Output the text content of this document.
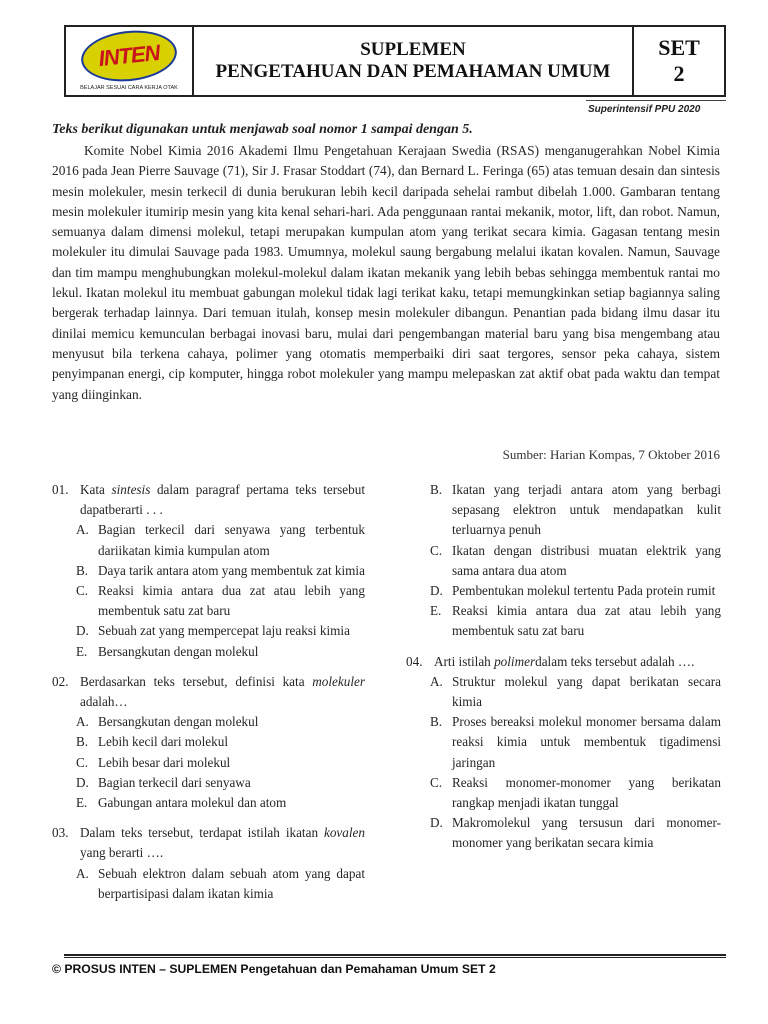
INTEN
BELAJAR SESUAI CARA KERJA OTAK
SUPLEMEN
PENGETAHUAN DAN PEMAHAMAN UMUM
SET
2
Superintensif PPU 2020
Teks berikut digunakan untuk menjawab soal nomor 1 sampai dengan 5.

Komite Nobel Kimia 2016 Akademi Ilmu Pengetahuan Kerajaan Swedia (RSAS) menganugerahkan Nobel Kimia 2016 pada Jean Pierre Sauvage (71), Sir J. Frasar Stoddart (74), dan Bernard L. Feringa (65) atas temuan desain dan sintesis mesin molekuler, mesin terkecil di dunia berukuran lebih kecil daripada sehelai rambut dibelah 1.000. Gambaran tentang mesin molekuler itumirip mesin yang kita kenal sehari-hari. Ada penggunaan rantai mekanik, motor, lift, dan robot. Namun, semuanya dalam dimensi molekul, tetapi merupakan kumpulan atom yang terikat secara kimia. Gagasan tentang mesin molekuler itu dimulai Sauvage pada 1983. Umumnya, molekul saung bergabung melalui ikatan kovalen. Namun, Sauvage dan tim mampu menghubungkan molekul-molekul dalam ikatan mekanik yang lebih bebas sehingga membentuk rantai mo lekul. Ikatan molekul itu membuat gabungan molekul tidak lagi terikat kaku, tetapi memungkinkan setiap bagiannya saling bergerak terhadap lainnya. Dari temuan itulah, konsep mesin molekuler dibangun. Penantian pada bidang ilmu dasar itu dinilai memicu kemunculan berbagai inovasi baru, mulai dari pengembangan material baru yang bisa mengembang atau menyusut bila terkena cahaya, polimer yang otomatis memperbaiki diri saat tergores, sensor peka cahaya, sistem penyimpanan energi, cip komputer, hingga robot molekuler yang mampu melepaskan zat aktif obat pada waktu dan tempat yang diinginkan.

Sumber: Harian Kompas, 7 Oktober 2016
01. Kata sintesis dalam paragraf pertama teks tersebut dapatberarti . . .
A. Bagian terkecil dari senyawa yang terbentuk dariikatan kimia kumpulan atom
B. Daya tarik antara atom yang membentuk zat kimia
C. Reaksi kimia antara dua zat atau lebih yang membentuk satu zat baru
D. Sebuah zat yang mempercepat laju reaksi kimia
E. Bersangkutan dengan molekul
02. Berdasarkan teks tersebut, definisi kata molekuler adalah…
A. Bersangkutan dengan molekul
B. Lebih kecil dari molekul
C. Lebih besar dari molekul
D. Bagian terkecil dari senyawa
E. Gabungan antara molekul dan atom
03. Dalam teks tersebut, terdapat istilah ikatan kovalen yang berarti ….
A. Sebuah elektron dalam sebuah atom yang dapat berpartisipasi dalam ikatan kimia
B. Ikatan yang terjadi antara atom yang berbagi sepasang elektron untuk mendapatkan kulit terluarnya penuh
C. Ikatan dengan distribusi muatan elektrik yang sama antara dua atom
D. Pembentukan molekul tertentu Pada protein rumit
E. Reaksi kimia antara dua zat atau lebih yang membentuk satu zat baru
04. Arti istilah polimerdalam teks tersebut adalah ….
A. Struktur molekul yang dapat berikatan secara kimia
B. Proses bereaksi molekul monomer bersama dalam reaksi kimia untuk membentuk tigadimensi jaringan
C. Reaksi monomer-monomer yang berikatan rangkap menjadi ikatan tunggal
D. Makromolekul yang tersusun dari monomer-monomer yang berikatan secara kimia
© PROSUS INTEN – SUPLEMEN Pengetahuan dan Pemahaman Umum SET 2
